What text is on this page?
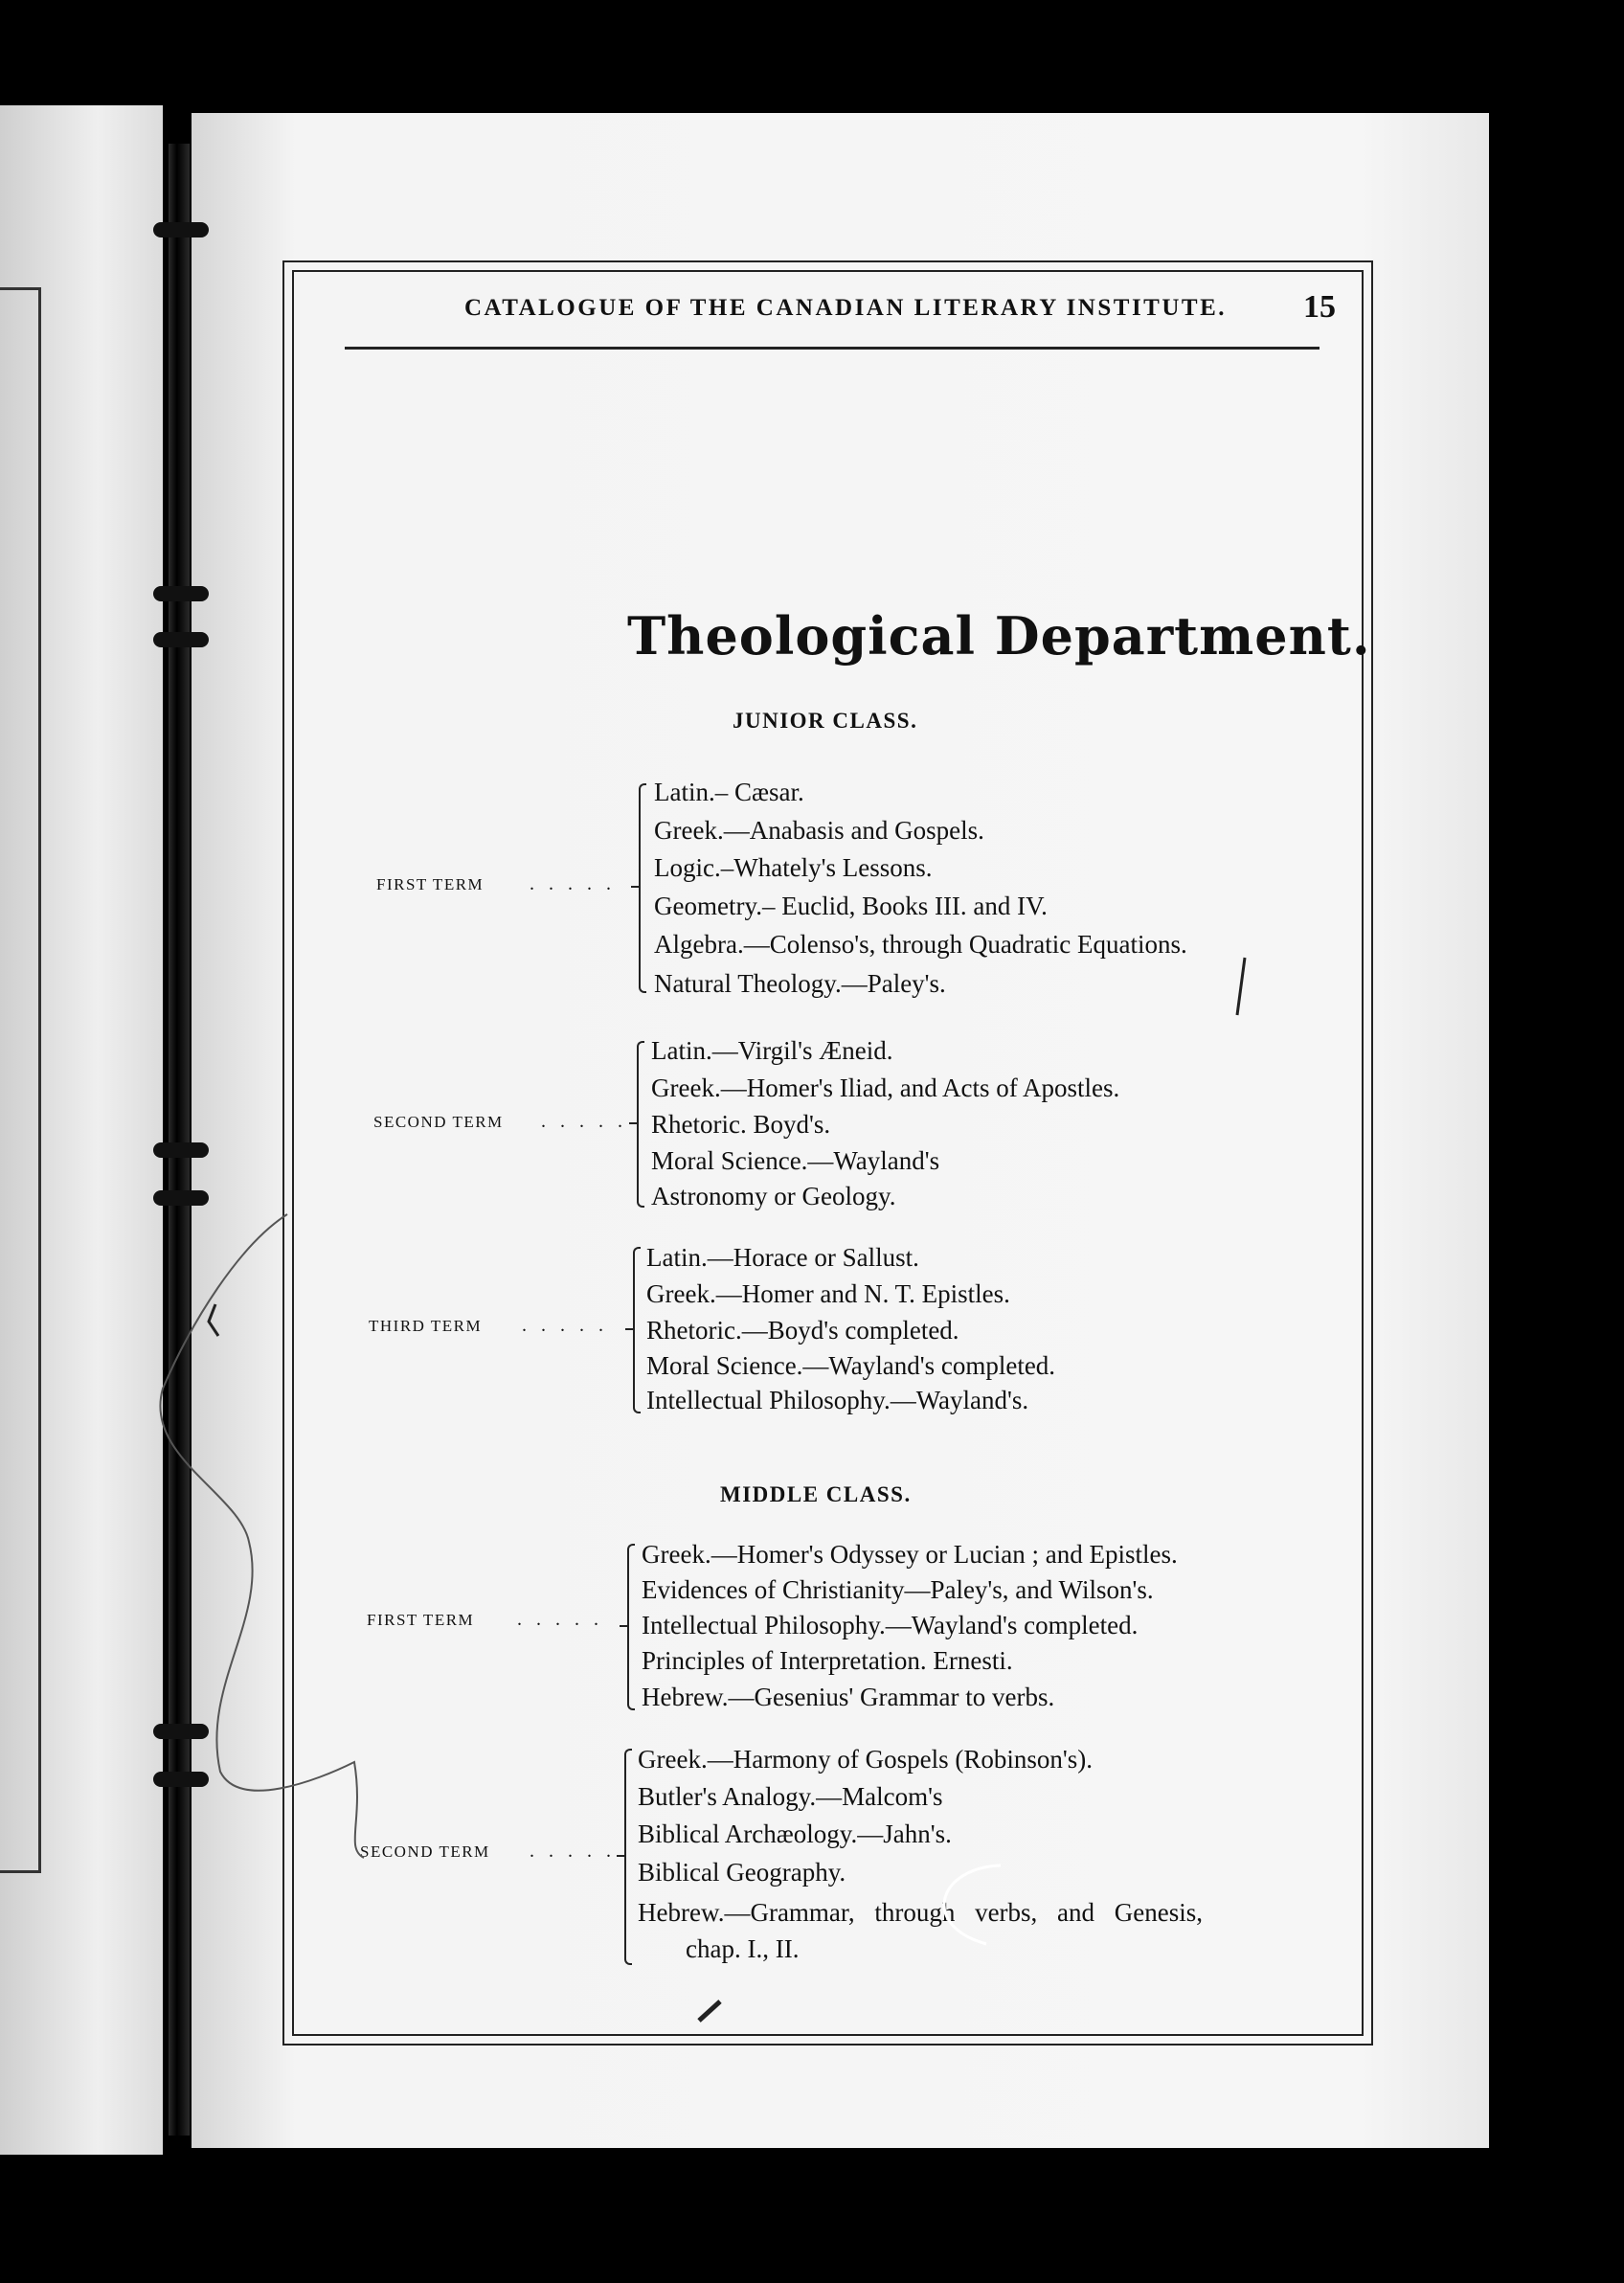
CATALOGUE OF THE CANADIAN LITERARY INSTITUTE. 15
Theological Department.
JUNIOR CLASS.
FIRST TERM . . . . .
Latin.– Cæsar.
Greek.—Anabasis and Gospels.
Logic.–Whately's Lessons.
Geometry.– Euclid, Books III. and IV.
Algebra.—Colenso's, through Quadratic Equations.
Natural Theology.—Paley's.
SECOND TERM . . . . .
Latin.—Virgil's Æneid.
Greek.—Homer's Iliad, and Acts of Apostles.
Rhetoric. Boyd's.
Moral Science.—Wayland's
Astronomy or Geology.
THIRD TERM . . . . .
Latin.—Horace or Sallust.
Greek.—Homer and N. T. Epistles.
Rhetoric.—Boyd's completed.
Moral Science.—Wayland's completed.
Intellectual Philosophy.—Wayland's.
MIDDLE CLASS.
FIRST TERM . . . . .
Greek.—Homer's Odyssey or Lucian ; and Epistles.
Evidences of Christianity—Paley's, and Wilson's.
Intellectual Philosophy.—Wayland's completed.
Principles of Interpretation. Ernesti.
Hebrew.—Gesenius' Grammar to verbs.
SECOND TERM . . . . .
Greek.—Harmony of Gospels (Robinson's).
Butler's Analogy.—Malcom's
Biblical Archæology.—Jahn's.
Biblical Geography.
Hebrew.—Grammar, through verbs, and Genesis,
chap. I., II.
